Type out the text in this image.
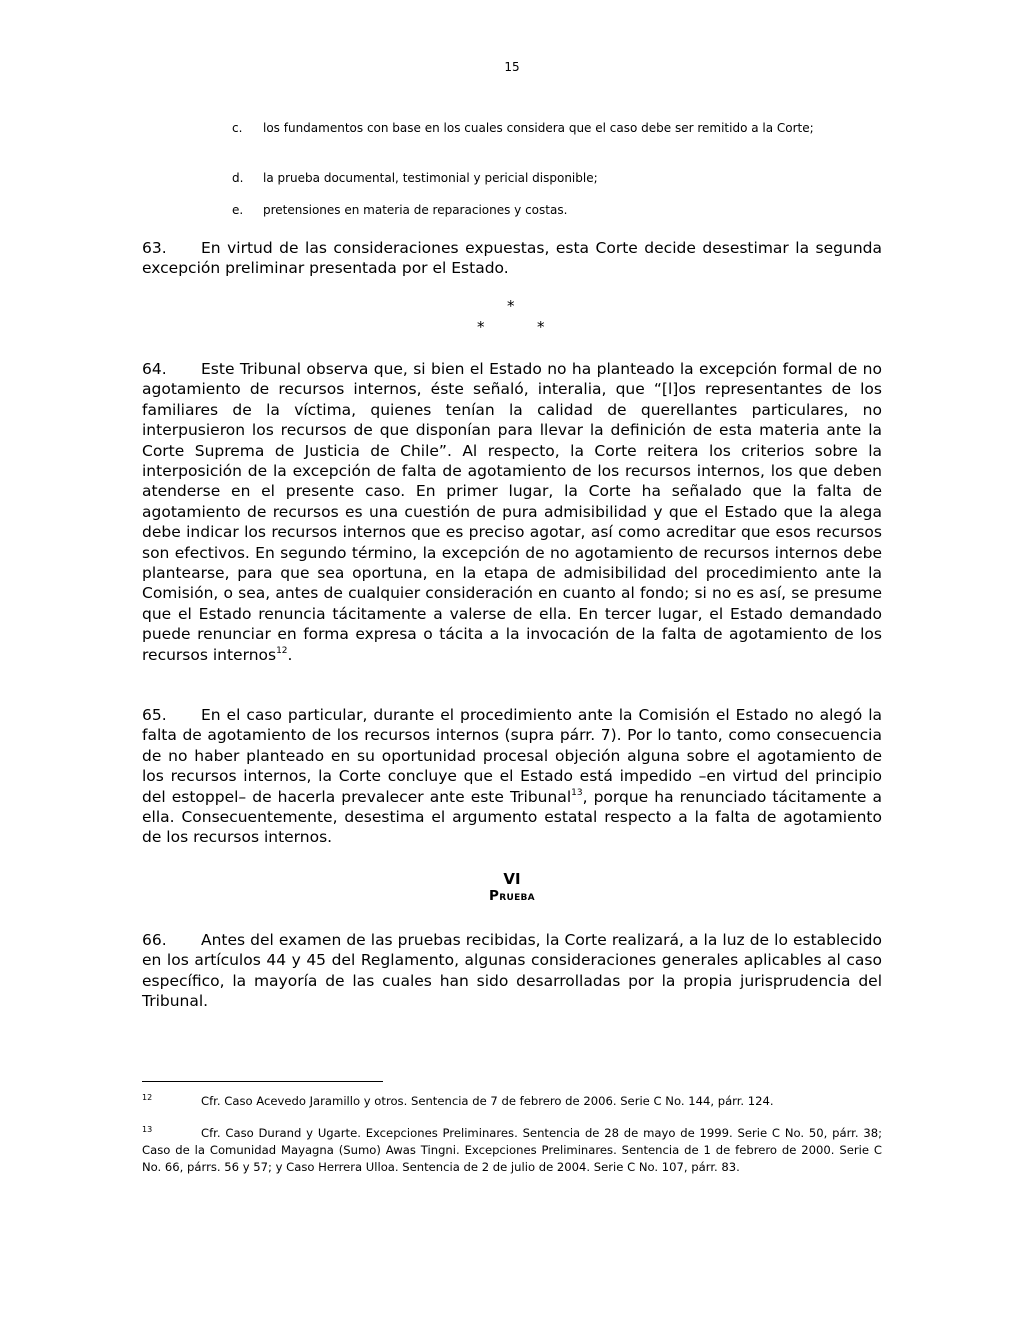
15
c. los fundamentos con base en los cuales considera que el caso debe ser remitido a la Corte;
d. la prueba documental, testimonial y pericial disponible;
e. pretensiones en materia de reparaciones y costas.
63. En virtud de las consideraciones expuestas, esta Corte decide desestimar la segunda excepción preliminar presentada por el Estado.
*
*	*
64. Este Tribunal observa que, si bien el Estado no ha planteado la excepción formal de no agotamiento de recursos internos, éste señaló, interalia, que “[l]os representantes de los familiares de la víctima, quienes tenían la calidad de querellantes particulares, no interpusieron los recursos de que disponían para llevar la definición de esta materia ante la Corte Suprema de Justicia de Chile”. Al respecto, la Corte reitera los criterios sobre la interposición de la excepción de falta de agotamiento de los recursos internos, los que deben atenderse en el presente caso. En primer lugar, la Corte ha señalado que la falta de agotamiento de recursos es una cuestión de pura admisibilidad y que el Estado que la alega debe indicar los recursos internos que es preciso agotar, así como acreditar que esos recursos son efectivos. En segundo término, la excepción de no agotamiento de recursos internos debe plantearse, para que sea oportuna, en la etapa de admisibilidad del procedimiento ante la Comisión, o sea, antes de cualquier consideración en cuanto al fondo; si no es así, se presume que el Estado renuncia tácitamente a valerse de ella. En tercer lugar, el Estado demandado puede renunciar en forma expresa o tácita a la invocación de la falta de agotamiento de los recursos internos$^{12}$.
65. En el caso particular, durante el procedimiento ante la Comisión el Estado no alegó la falta de agotamiento de los recursos internos (supra párr. 7). Por lo tanto, como consecuencia de no haber planteado en su oportunidad procesal objeción alguna sobre el agotamiento de los recursos internos, la Corte concluye que el Estado está impedido –en virtud del principio del estoppel– de hacerla prevalecer ante este Tribunal$^{13}$, porque ha renunciado tácitamente a ella. Consecuentemente, desestima el argumento estatal respecto a la falta de agotamiento de los recursos internos.
VI
Prueba
66. Antes del examen de las pruebas recibidas, la Corte realizará, a la luz de lo establecido en los artículos 44 y 45 del Reglamento, algunas consideraciones generales aplicables al caso específico, la mayoría de las cuales han sido desarrolladas por la propia jurisprudencia del Tribunal.
12	Cfr. Caso Acevedo Jaramillo y otros. Sentencia de 7 de febrero de 2006. Serie C No. 144, párr. 124.
13	Cfr. Caso Durand y Ugarte. Excepciones Preliminares. Sentencia de 28 de mayo de 1999. Serie C No. 50, párr. 38; Caso de la Comunidad Mayagna (Sumo) Awas Tingni. Excepciones Preliminares. Sentencia de 1 de febrero de 2000. Serie C No. 66, párrs. 56 y 57; y Caso Herrera Ulloa. Sentencia de 2 de julio de 2004. Serie C No. 107, párr. 83.
